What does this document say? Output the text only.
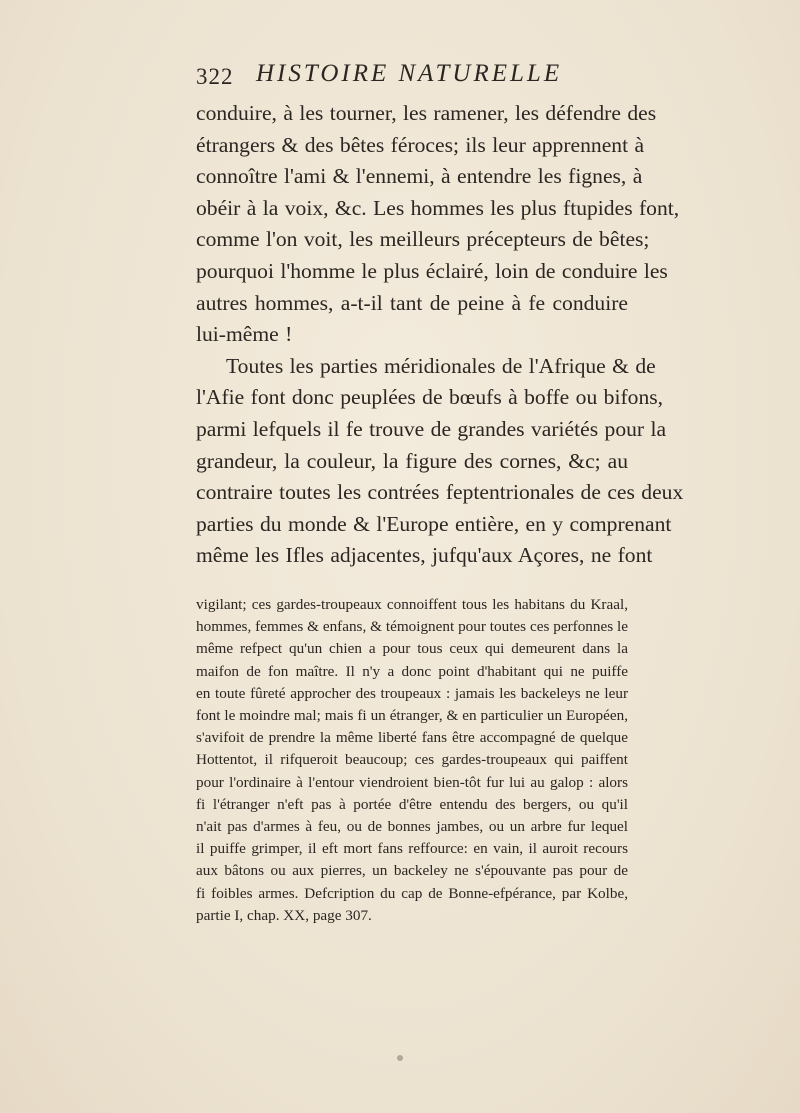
322 HISTOIRE NATURELLE

conduire, à les tourner, les ramener, les défendre des

étrangers & des bêtes féroces; ils leur apprennent à

connoître l'ami & l'ennemi, à entendre les fignes, à

obéir à la voix, &c. Les hommes les plus ftupides font,

comme l'on voit, les meilleurs précepteurs de bêtes;

pourquoi l'homme le plus éclairé, loin de conduire les

autres hommes, a-t-il tant de peine à fe conduire

lui-même !

Toutes les parties méridionales de l'Afrique & de

l'Afie font donc peuplées de bœufs à boffe ou bifons,

parmi lefquels il fe trouve de grandes variétés pour la

grandeur, la couleur, la figure des cornes, &c; au

contraire toutes les contrées feptentrionales de ces deux

parties du monde & l'Europe entière, en y comprenant

même les Ifles adjacentes, jufqu'aux Açores, ne font

vigilant; ces gardes-troupeaux connoiffent tous les habitans du Kraal,

hommes, femmes & enfans, & témoignent pour toutes ces perfonnes le

même refpect qu'un chien a pour tous ceux qui demeurent dans la

maifon de fon maître. Il n'y a donc point d'habitant qui ne puiffe

en toute fûreté approcher des troupeaux : jamais les backeleys ne leur

font le moindre mal; mais fi un étranger, & en particulier un Européen,

s'avifoit de prendre la même liberté fans être accompagné de quelque

Hottentot, il rifqueroit beaucoup; ces gardes-troupeaux qui paiffent

pour l'ordinaire à l'entour viendroient bien-tôt fur lui au galop : alors

fi l'étranger n'eft pas à portée d'être entendu des bergers, ou qu'il

n'ait pas d'armes à feu, ou de bonnes jambes, ou un arbre fur lequel

il puiffe grimper, il eft mort fans reffource: en vain, il auroit recours

aux bâtons ou aux pierres, un backeley ne s'épouvante pas pour de

fi foibles armes. Defcription du cap de Bonne-efpérance, par Kolbe,

partie I, chap. XX, page 307.
